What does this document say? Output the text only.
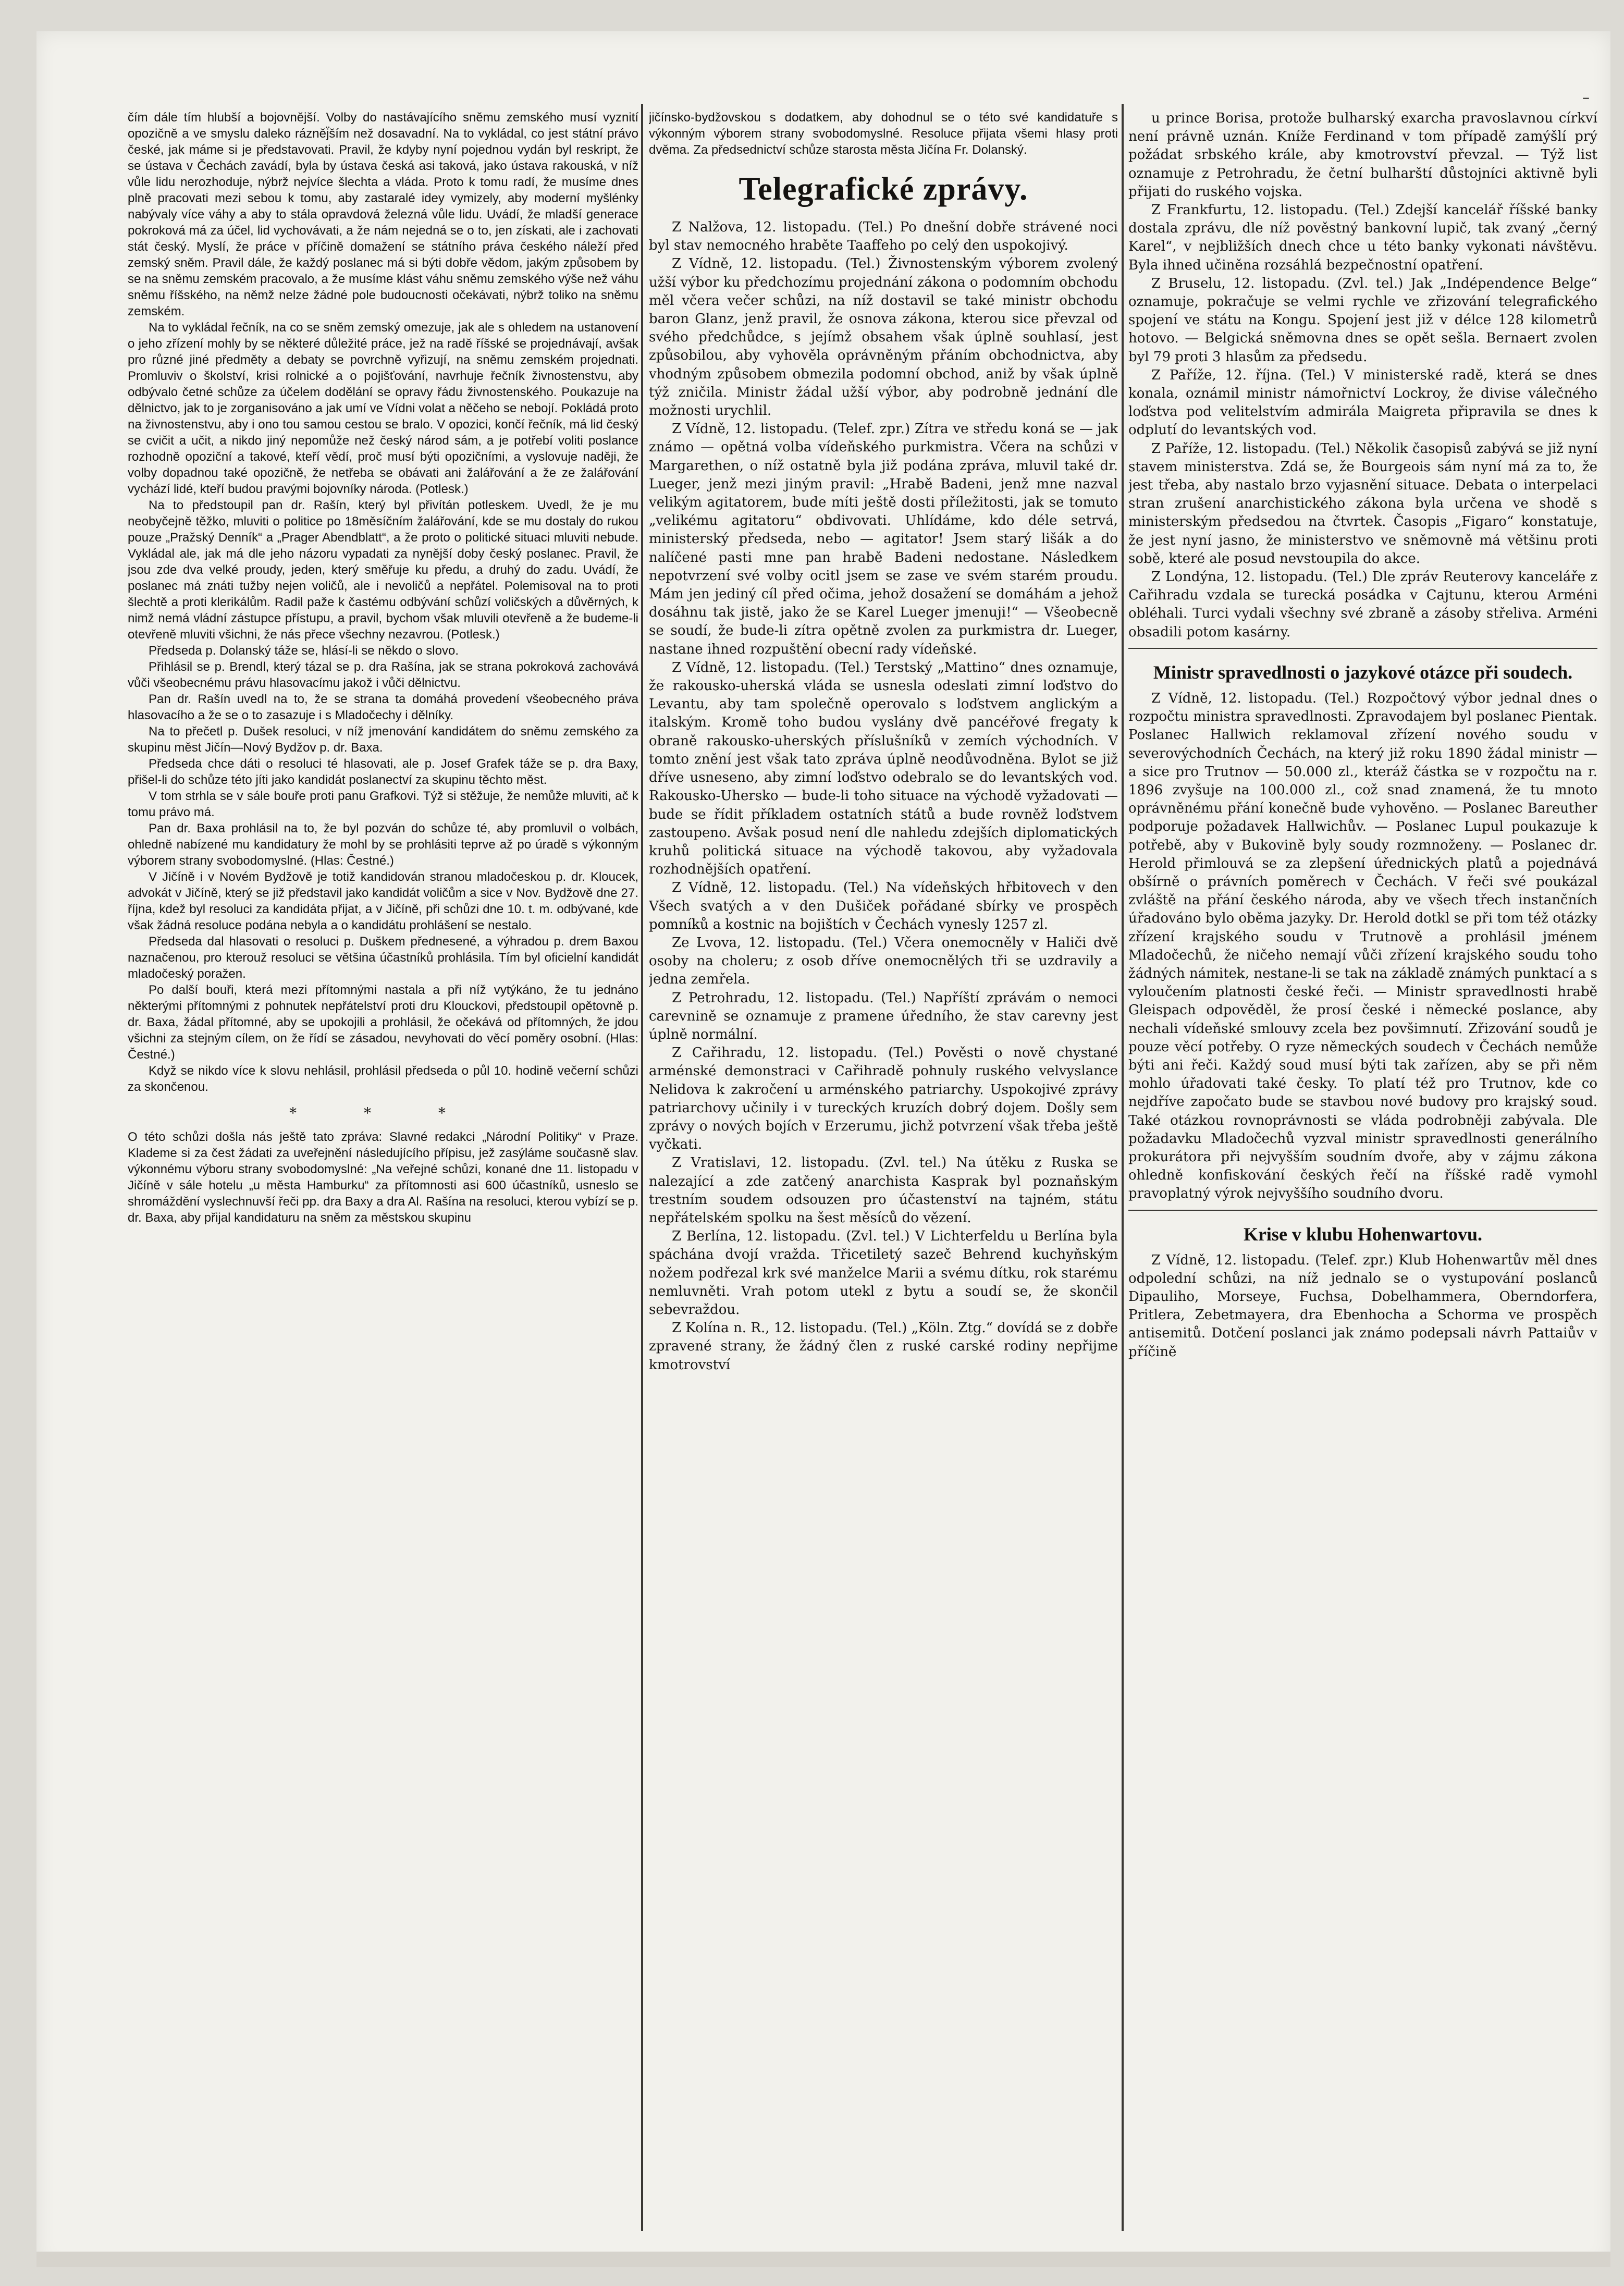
–

čím dále tím hlubší a bojovnější. Volby do nastávajícího sněmu zemského musí vyznití opozičně a ve smyslu daleko rázněj̈ším než dosavadní. Na to vykládal, co jest státní právo české, jak máme si je představovati. Pravil, že kdyby nyní pojednou vydán byl reskript, že se ústava v Čechách zavádí, byla by ústava česká asi taková, jako ústava rakouská, v níž vůle lidu nerozhoduje, nýbrž nejvíce šlechta a vláda. Proto k tomu radí, že musíme dnes plně pracovati mezi sebou k tomu, aby zastaralé idey vymizely, aby moderní myšlénky nabývaly více váhy a aby to stála opravdová železná vůle lidu. Uvádí, že mladší generace pokroková má za účel, lid vychovávati, a že nám nejedná se o to, jen získati, ale i zachovati stát český. Myslí, že práce v příčině domažení se státního práva českého náleží před zemský sněm. Pravil dále, že každý poslanec má si býti dobře vědom, jakým způsobem by se na sněmu zemském pracovalo, a že musíme klást váhu sněmu zemského výše než váhu sněmu říšského, na němž nelze žádné pole budoucnosti očekávati, nýbrž toliko na sněmu zemském.

Na to vykládal řečník, na co se sněm zemský omezuje, jak ale s ohledem na ustanovení o jeho zřízení mohly by se některé důležité práce, jež na radě říšské se projednávají, avšak pro různé jiné předměty a debaty se povrchně vyřizují, na sněmu zemském projednati. Promluviv o školství, krisi rolnické a o pojišťování, navrhuje řečník živnostenstvu, aby odbývalo četné schůze za účelem dodělání se opravy řádu živnostenského. Poukazuje na dělnictvo, jak to je zorganisováno a jak umí ve Vídni volat a něčeho se nebojí. Pokládá proto na živnostenstvu, aby i ono tou samou cestou se bralo. V opozici, končí řečník, má lid český se cvičit a učit, a nikdo jiný nepomůže než český národ sám, a je potřebí voliti poslance rozhodně opoziční a takové, kteří vědí, proč musí býti opozičními, a vyslovuje naději, že volby dopadnou také opozičně, že netřeba se obávati ani žalářování a že ze žalářování vychází lidé, kteří budou pravými bojovníky národa. (Potlesk.)

Na to předstoupil pan dr. Rašín, který byl přivítán potleskem. Uvedl, že je mu neobyčejně těžko, mluviti o politice po 18měsíčním žalářování, kde se mu dostaly do rukou pouze „Pražský Denník“ a „Prager Abendblatt“, a že proto o politické situaci mluviti nebude. Vykládal ale, jak má dle jeho názoru vypadati za nynější doby český poslanec. Pravil, že jsou zde dva velké proudy, jeden, který směřuje ku předu, a druhý do zadu. Uvádí, že poslanec má znáti tužby nejen voličů, ale i nevoličů a nepřátel. Polemisoval na to proti šlechtě a proti klerikálům. Radil paže k častému odbývání schůzí voličských a důvěrných, k nimž nemá vládní zástupce přístupu, a pravil, bychom však mluvili otevřeně a že budeme-li otevřeně mluviti všichni, že nás přece všechny nezavrou. (Potlesk.)

Předseda p. Dolanský táže se, hlásí-li se někdo o slovo.

Přihlásil se p. Brendl, který tázal se p. dra Rašína, jak se strana pokroková zachovává vůči všeobecnému právu hlasovacímu jakož i vůči dělnictvu.

Pan dr. Rašín uvedl na to, že se strana ta domáhá provedení všeobecného práva hlasovacího a že se o to zasazuje i s Mladočechy i dělníky.

Na to přečetl p. Dušek resoluci, v níž jmenování kandidátem do sněmu zemského za skupinu měst Jičín—Nový Bydžov p. dr. Baxa.

Předseda chce dáti o resoluci té hlasovati, ale p. Josef Grafek táže se p. dra Baxy, přišel-li do schůze této jíti jako kandidát poslanectví za skupinu těchto měst.

V tom strhla se v sále bouře proti panu Grafkovi. Týž si stěžuje, že nemůže mluviti, ač k tomu právo má.

Pan dr. Baxa prohlásil na to, že byl pozván do schůze té, aby promluvil o volbách, ohledně nabízené mu kandidatury že mohl by se prohlásiti teprve až po úradě s výkonným výborem strany svobodomyslné. (Hlas: Čestné.)

V Jičíně i v Novém Bydžově je totiž kandidován stranou mladočeskou p. dr. Kloucek, advokát v Jičíně, který se již představil jako kandidát voličům a sice v Nov. Bydžově dne 27. října, kdež byl resoluci za kandidáta přijat, a v Jičíně, při schůzi dne 10. t. m. odbývané, kde však žádná resoluce podána nebyla a o kandidátu prohlášení se nestalo.

Předseda dal hlasovati o resoluci p. Duškem přednesené, a výhradou p. drem Baxou naznačenou, pro kterouž resoluci se většina účastníků prohlásila. Tím byl oficielní kandidát mladočeský poražen.

Po další bouři, která mezi přítomnými nastala a při níž vytýkáno, že tu jednáno některými přítomnými z pohnutek nepřátelství proti dru Klouckovi, předstoupil opětovně p. dr. Baxa, žádal přítomné, aby se upokojili a prohlásil, že očekává od přítomných, že jdou všichni za stejným cílem, on že řídí se zásadou, nevyhovati do věcí poměry osobní. (Hlas: Čestné.)

Když se nikdo více k slovu nehlásil, prohlásil předseda o půl 10. hodině večerní schůzi za skončenou.

* * *

O této schůzi došla nás ještě tato zpráva: Slavné redakci „Národní Politiky“ v Praze. Klademe si za čest žádati za uveřejnění následujícího přípisu, jež zasýláme současně slav. výkonnému výboru strany svobodomyslné: „Na veřejné schůzi, konané dne 11. listopadu v Jičíně v sále hotelu „u města Hamburku“ za přítomnosti asi 600 účastníků, usneslo se shromáždění vyslechnuvší řeči pp. dra Baxy a dra Al. Rašína na resoluci, kterou vybízí se p. dr. Baxa, aby přijal kandidaturu na sněm za městskou skupinu

jičínsko-bydžovskou s dodatkem, aby dohodnul se o této své kandidatuře s výkonným výborem strany svobodomyslné. Resoluce přijata všemi hlasy proti dvěma. Za předsednictví schůze starosta města Jičína Fr. Dolanský.

Telegrafické zprávy.

Z Nalžova, 12. listopadu. (Tel.) Po dnešní dobře strávené noci byl stav nemocného hraběte Taaffeho po celý den uspokojivý.

Z Vídně, 12. listopadu. (Tel.) Živnostenským výborem zvolený užší výbor ku předchozímu projednání zákona o podomním obchodu měl včera večer schůzi, na níž dostavil se také ministr obchodu baron Glanz, jenž pravil, že osnova zákona, kterou sice převzal od svého předchůdce, s jejímž obsahem však úplně souhlasí, jest způsobilou, aby vyhověla oprávněným přáním obchodnictva, aby vhodným způsobem obmezila podomní obchod, aniž by však úplně týž zničila. Ministr žádal užší výbor, aby podrobně jednání dle možnosti urychlil.

Z Vídně, 12. listopadu. (Telef. zpr.) Zítra ve středu koná se — jak známo — opětná volba vídeňského purkmistra. Včera na schůzi v Margarethen, o níž ostatně byla již podána zpráva, mluvil také dr. Lueger, jenž mezi jiným pravil: „Hrabě Badeni, jenž mne nazval velikým agitatorem, bude míti ještě dosti příležitosti, jak se tomuto „velikému agitatoru“ obdivovati. Uhlídáme, kdo déle setrvá, ministerský předseda, nebo — agitator! Jsem starý lišák a do nalíčené pasti mne pan hrabě Badeni nedostane. Následkem nepotvrzení své volby ocitl jsem se zase ve svém starém proudu. Mám jen jediný cíl před očima, jehož dosažení se domáhám a jehož dosáhnu tak jistě, jako že se Karel Lueger jmenuji!“ — Všeobecně se soudí, že bude-li zítra opětně zvolen za purkmistra dr. Lueger, nastane ihned rozpuštění obecní rady vídeňské.

Z Vídně, 12. listopadu. (Tel.) Terstský „Mattino“ dnes oznamuje, že rakousko-uherská vláda se usnesla odeslati zimní loďstvo do Levantu, aby tam společně operovalo s loďstvem anglickým a italským. Kromě toho budou vyslány dvě pancéřové fregaty k obraně rakousko-uherských příslušníků v zemích východních. V tomto znění jest však tato zpráva úplně neodůvodněna. Bylot se již dříve usneseno, aby zimní loďstvo odebralo se do levantských vod. Rakousko-Uhersko — bude-li toho situace na východě vyžadovati — bude se řídit příkladem ostatních států a bude rovněž loďstvem zastoupeno. Avšak posud není dle nahledu zdejších diplomatických kruhů politická situace na východě takovou, aby vyžadovala rozhodnějších opatření.

Z Vídně, 12. listopadu. (Tel.) Na vídeňských hřbitovech v den Všech svatých a v den Dušiček pořádané sbírky ve prospěch pomníků a kostnic na bojištích v Čechách vynesly 1257 zl.

Ze Lvova, 12. listopadu. (Tel.) Včera onemocněly v Haliči dvě osoby na choleru; z osob dříve onemocnělých tři se uzdravily a jedna zemřela.

Z Petrohradu, 12. listopadu. (Tel.) Napříští zprávám o nemoci carevnině se oznamuje z pramene úředního, že stav carevny jest úplně normální.

Z Cařihradu, 12. listopadu. (Tel.) Pověsti o nově chystané arménské demonstraci v Cařihradě pohnuly ruského velvyslance Nelidova k zakročení u arménského patriarchy. Uspokojivé zprávy patriarchovy učinily i v tureckých kruzích dobrý dojem. Došly sem zprávy o nových bojích v Erzerumu, jichž potvrzení však třeba ještě vyčkati.

Z Vratislavi, 12. listopadu. (Zvl. tel.) Na útěku z Ruska se nalezající a zde zatčený anarchista Kasprak byl poznaňským trestním soudem odsouzen pro účastenství na tajném, státu nepřátelském spolku na šest měsíců do vězení.

Z Berlína, 12. listopadu. (Zvl. tel.) V Lichterfeldu u Berlína byla spáchána dvojí vražda. Třicetiletý sazeč Behrend kuchyňským nožem podřezal krk své manželce Marii a svému dítku, rok starému nemluvněti. Vrah potom utekl z bytu a soudí se, že skončil sebevraždou.

Z Kolína n. R., 12. listopadu. (Tel.) „Köln. Ztg.“ dovídá se z dobře zpravené strany, že žádný člen z ruské carské rodiny nepřijme kmotrovství

u prince Borisa, protože bulharský exarcha pravoslavnou církví není právně uznán. Kníže Ferdinand v tom případě zamýšlí prý požádat srbského krále, aby kmotrovství převzal. — Týž list oznamuje z Petrohradu, že četní bulharští důstojníci aktivně byli přijati do ruského vojska.

Z Frankfurtu, 12. listopadu. (Tel.) Zdejší kancelář říšské banky dostala zprávu, dle níž pověstný bankovní lupič, tak zvaný „černý Karel“, v nejbližších dnech chce u této banky vykonati návštěvu. Byla ihned učiněna rozsáhlá bezpečnostní opatření.

Z Bruselu, 12. listopadu. (Zvl. tel.) Jak „Indépendence Belge“ oznamuje, pokračuje se velmi rychle ve zřizování telegrafického spojení ve státu na Kongu. Spojení jest již v délce 128 kilometrů hotovo. — Belgická sněmovna dnes se opět sešla. Bernaert zvolen byl 79 proti 3 hlasům za předsedu.

Z Paříže, 12. října. (Tel.) V ministerské radě, která se dnes konala, oznámil ministr námořnictví Lockroy, že divise válečného loďstva pod velitelstvím admirála Maigreta připravila se dnes k odplutí do levantských vod.

Z Paříže, 12. listopadu. (Tel.) Několik časopisů zabývá se již nyní stavem ministerstva. Zdá se, že Bourgeois sám nyní má za to, že jest třeba, aby nastalo brzo vyjasnění situace. Debata o interpelaci stran zrušení anarchistického zákona byla určena ve shodě s ministerským předsedou na čtvrtek. Časopis „Figaro“ konstatuje, že jest nyní jasno, že ministerstvo ve sněmovně má většinu proti sobě, které ale posud nevstoupila do akce.

Z Londýna, 12. listopadu. (Tel.) Dle zpráv Reuterovy kanceláře z Cařihradu vzdala se turecká posádka v Cajtunu, kterou Arméni obléhali. Turci vydali všechny své zbraně a zásoby střeliva. Arméni obsadili potom kasárny.

Ministr spravedlnosti o jazykové otázce při soudech.

Z Vídně, 12. listopadu. (Tel.) Rozpočtový výbor jednal dnes o rozpočtu ministra spravedlnosti. Zpravodajem byl poslanec Pientak. Poslanec Hallwich reklamoval zřízení nového soudu v severovýchodních Čechách, na který již roku 1890 žádal ministr — a sice pro Trutnov — 50.000 zl., kteráž částka se v rozpočtu na r. 1896 zvyšuje na 100.000 zl., což snad znamená, že tu mnoto oprávněnému přání konečně bude vyhověno. — Poslanec Bareuther podporuje požadavek Hallwichův. — Poslanec Lupul poukazuje k potřebě, aby v Bukovině byly soudy rozmnoženy. — Poslanec dr. Herold přimlouvá se za zlepšení úřednických platů a pojednává obšírně o právních poměrech v Čechách. V řeči své poukázal zvláště na přání českého národa, aby ve všech třech instančních úřadováno bylo oběma jazyky. Dr. Herold dotkl se při tom též otázky zřízení krajského soudu v Trutnově a prohlásil jménem Mladočechů, že ničeho nemají vůči zřízení krajského soudu toho žádných námitek, nestane-li se tak na základě známých punktací a s vyloučením platnosti české řeči. — Ministr spravedlnosti hrabě Gleispach odpověděl, že prosí české i německé poslance, aby nechali vídeňské smlouvy zcela bez povšimnutí. Zřizování soudů je pouze věcí potřeby. O ryze německých soudech v Čechách nemůže býti ani řeči. Každý soud musí býti tak zařízen, aby se při něm mohlo úřadovati také česky. To platí též pro Trutnov, kde co nejdříve započato bude se stavbou nové budovy pro krajský soud. Také otázkou rovnoprávnosti se vláda podrobněji zabývala. Dle požadavku Mladočechů vyzval ministr spravedlnosti generálního prokurátora při nejvyšším soudním dvoře, aby v zájmu zákona ohledně konfiskování českých řečí na říšské radě vymohl pravoplatný výrok nejvyššího soudního dvoru.

Krise v klubu Hohenwartovu.

Z Vídně, 12. listopadu. (Telef. zpr.) Klub Hohenwartův měl dnes odpolední schůzi, na níž jednalo se o vystupování poslanců Dipauliho, Morseye, Fuchsa, Dobelhammera, Oberndorfera, Pritlera, Zebetmayera, dra Ebenhocha a Schorma ve prospěch antisemitů. Dotčení poslanci jak známo podepsali návrh Pattaiův v příčině
